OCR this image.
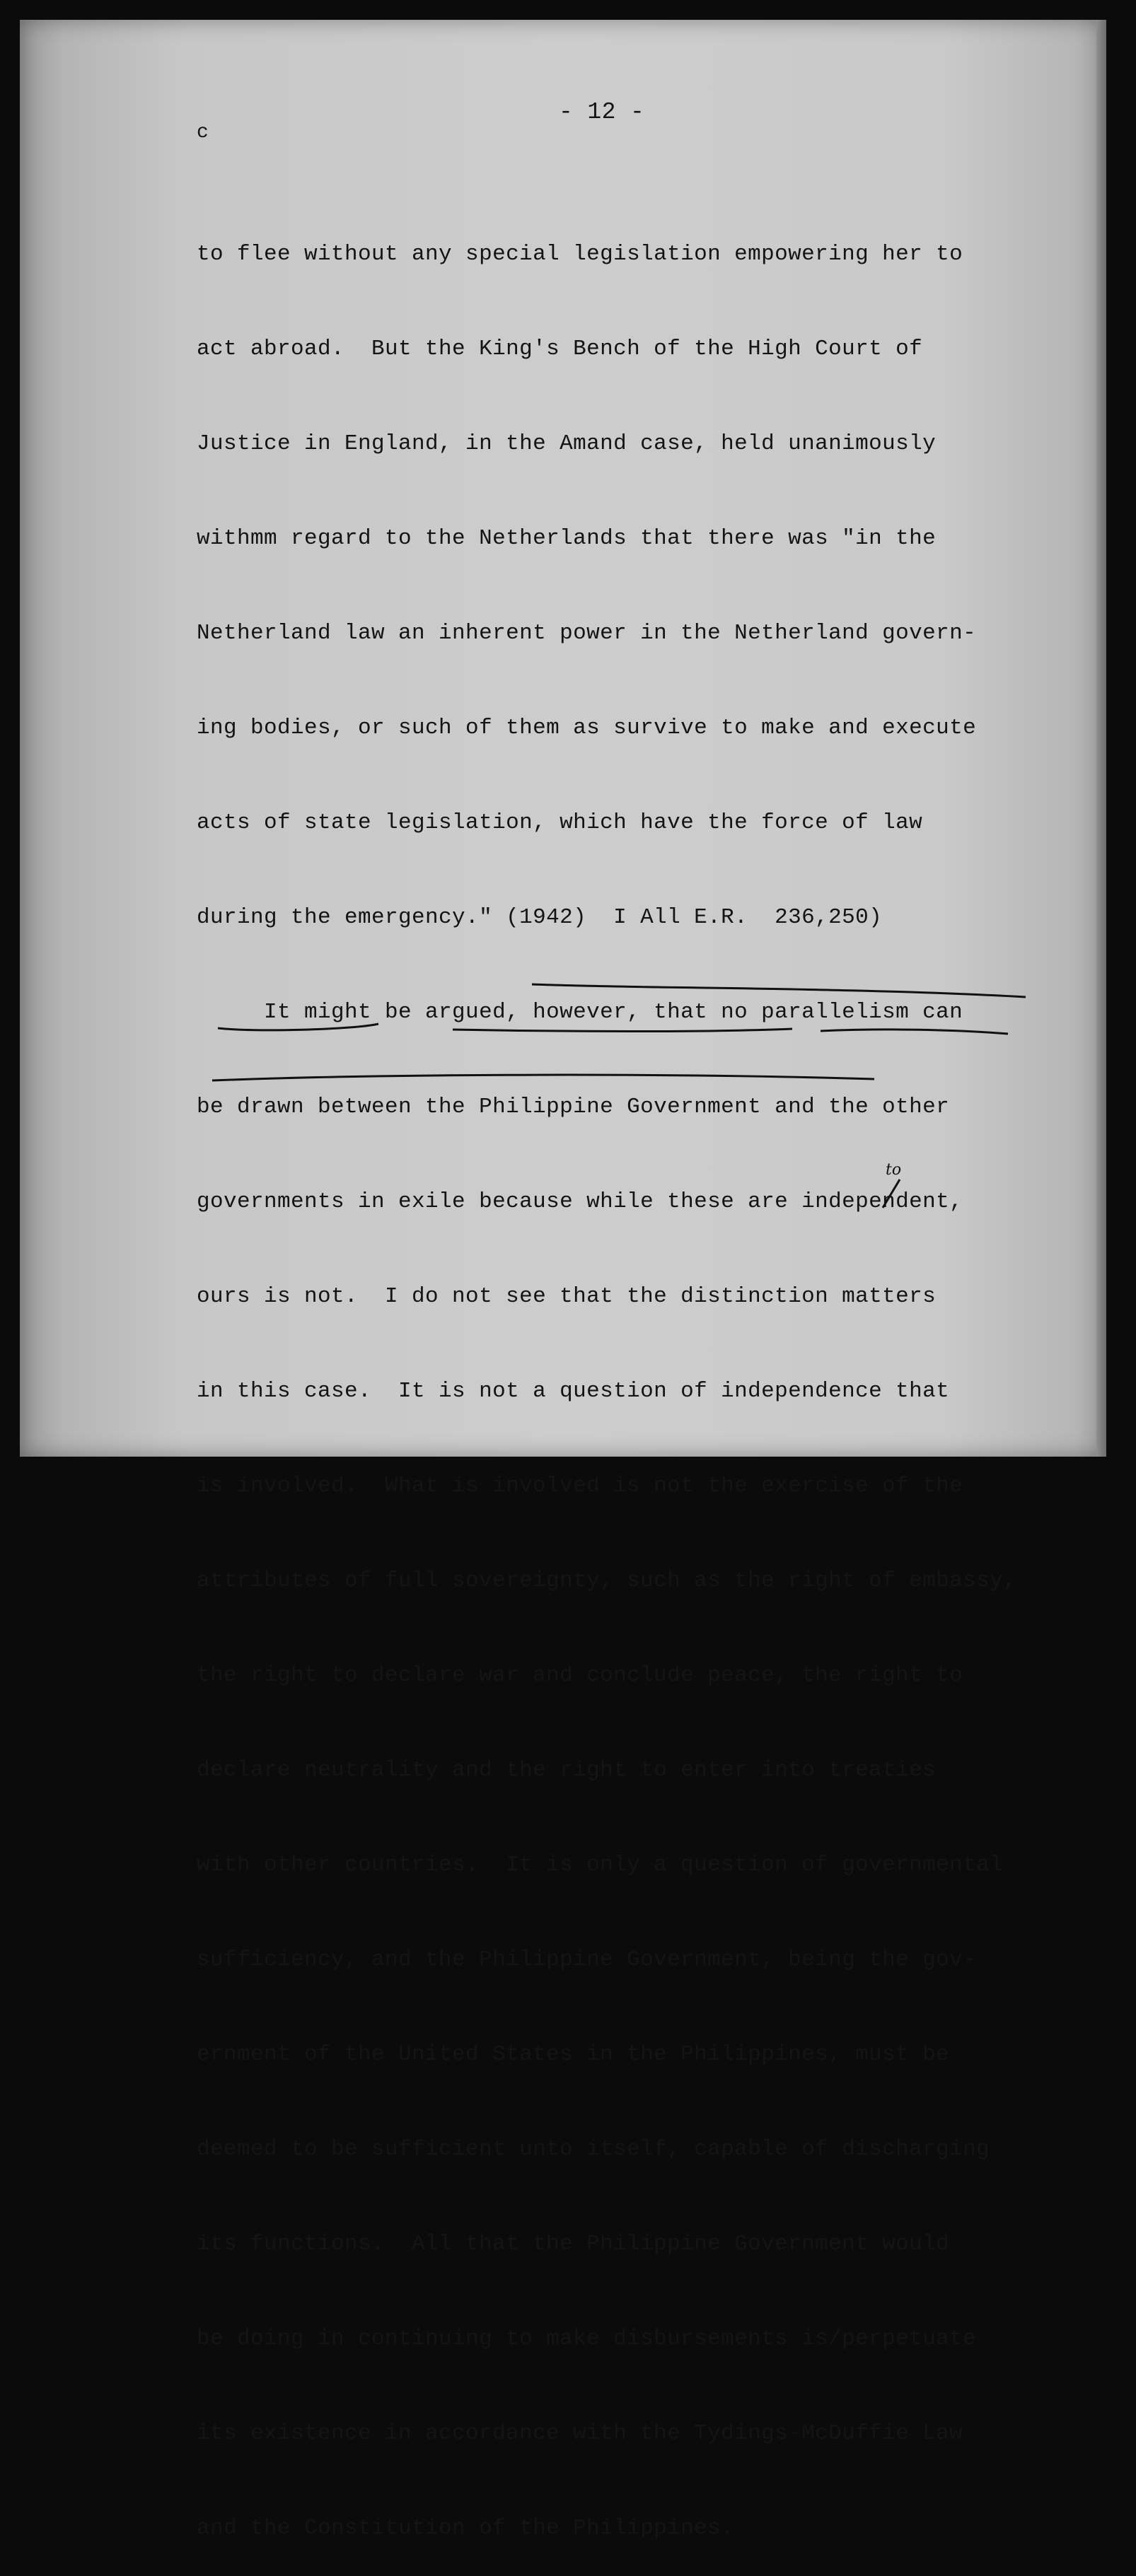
- 12 -
c

to flee without any special legislation empowering her to

act abroad.  But the King's Bench of the High Court of

Justice in England, in the Amand case, held unanimously

withmm regard to the Netherlands that there was "in the

Netherland law an inherent power in the Netherland govern-

ing bodies, or such of them as survive to make and execute

acts of state legislation, which have the force of law

during the emergency." (1942)  I All E.R.  236,250)

It might be argued, however, that no parallelism can

be drawn between the Philippine Government and the other

governments in exile because while these are independent,

ours is not.  I do not see that the distinction matters

in this case.  It is not a question of independence that

is involved.  What is involved is not the exercise of the

attributes of full sovereignty, such as the right of embassy,

the right to declare war and conclude peace, the right to

declare neutrality and the right to enter into treaties

with other countries.  It is only a question of governmental

sufficiency, and the Philippine Government, being the gov-

ernment of the United States in the Philippines, must be

deemed to be sufficient unto itself, capable of discharging

its functions.  All that the Philippine Government would

be doing in continuing to make disbursements is/perpetuate

its existence in accordance with the Tydings-McDuffie Law

and the Constitution of the Philippines.

to
